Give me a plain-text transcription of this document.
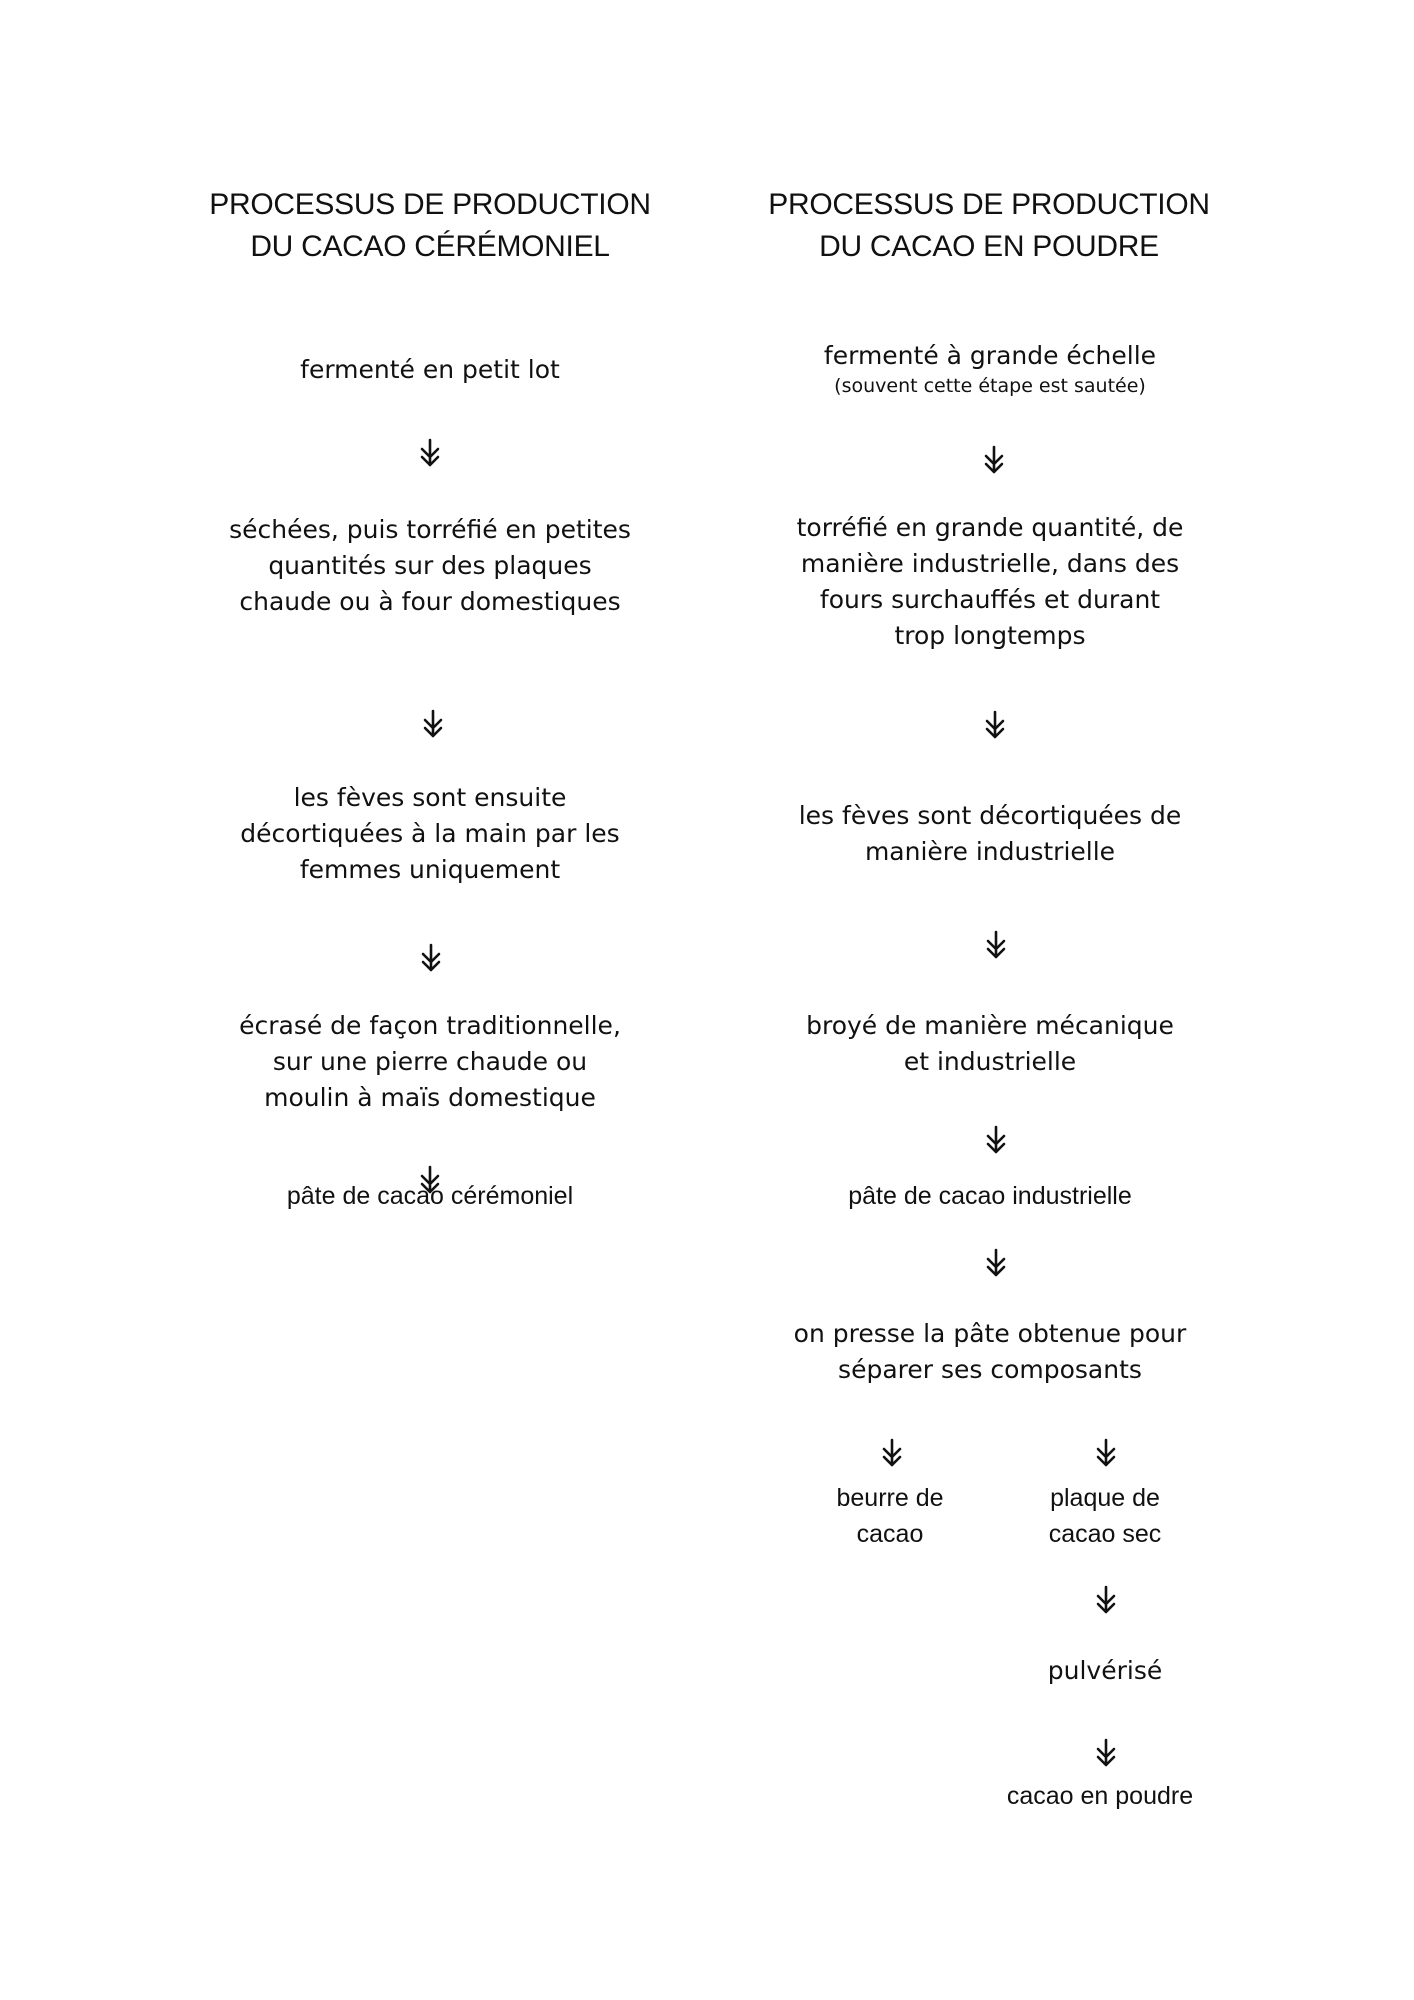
PROCESSUS DE PRODUCTION
DU CACAO CÉRÉMONIEL
PROCESSUS DE PRODUCTION
DU CACAO EN POUDRE
fermenté en petit lot
séchées, puis torréfié en petites
quantités sur des plaques
chaude ou à four domestiques
les fèves sont ensuite
décortiquées à la main par les
femmes uniquement
écrasé de façon traditionnelle,
sur une pierre chaude ou
moulin à maïs domestique
pâte de cacao cérémoniel
fermenté à grande échelle
(souvent cette étape est sautée)
torréfié en grande quantité, de
manière industrielle, dans des
fours surchauffés et durant
trop longtemps
les fèves sont décortiquées de
manière industrielle
broyé de manière mécanique
et industrielle
pâte de cacao industrielle
on presse la pâte obtenue pour
séparer ses composants
beurre de
cacao
plaque de
cacao sec
pulvérisé
cacao en poudre
